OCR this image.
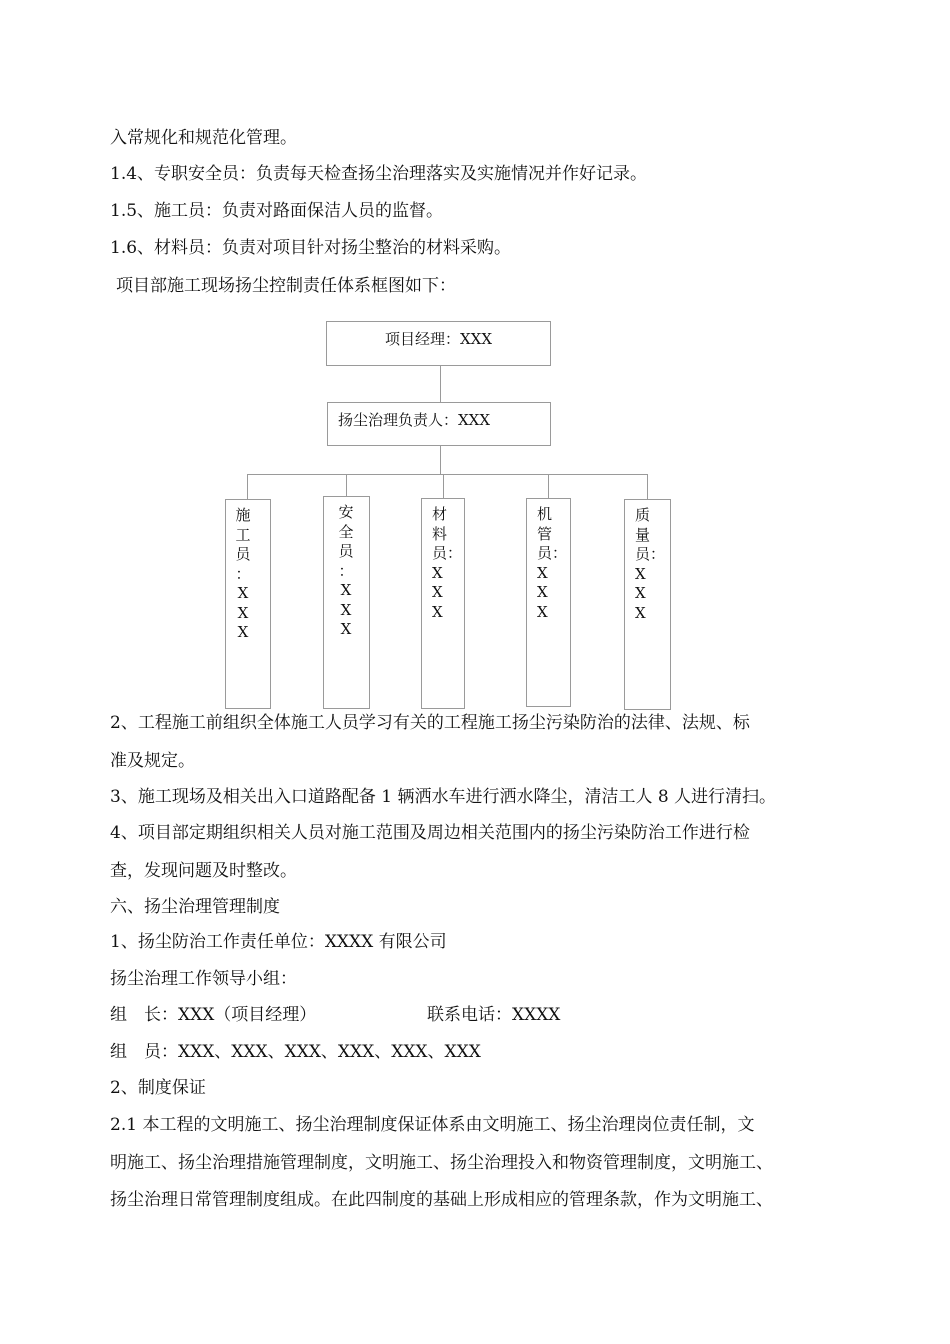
入常规化和规范化管理。
1.4、专职安全员：负责每天检查扬尘治理落实及实施情况并作好记录。
1.5、施工员：负责对路面保洁人员的监督。
1.6、材料员：负责对项目针对扬尘整治的材料采购。
项目部施工现场扬尘控制责任体系框图如下：
项目经理：XXX
扬尘治理负责人：XXX
施
工
员
：
X
X
X
安
全
员
：
X
X
X
材
料
员：
X
X
X
机
管
员：
X
X
X
质
量
员：
X
X
X
2、工程施工前组织全体施工人员学习有关的工程施工扬尘污染防治的法律、法规、标
准及规定。
3、施工现场及相关出入口道路配备 1 辆洒水车进行洒水降尘，清洁工人 8 人进行清扫。
4、项目部定期组织相关人员对施工范围及周边相关范围内的扬尘污染防治工作进行检
查，发现问题及时整改。
六、扬尘治理管理制度
1、扬尘防治工作责任单位：XXXX 有限公司
扬尘治理工作领导小组：
组　长：XXX（项目经理）	联系电话：XXXX
组　员：XXX、XXX、XXX、XXX、XXX、XXX
2、制度保证
2.1 本工程的文明施工、扬尘治理制度保证体系由文明施工、扬尘治理岗位责任制，文
明施工、扬尘治理措施管理制度，文明施工、扬尘治理投入和物资管理制度，文明施工、
扬尘治理日常管理制度组成。在此四制度的基础上形成相应的管理条款，作为文明施工、
